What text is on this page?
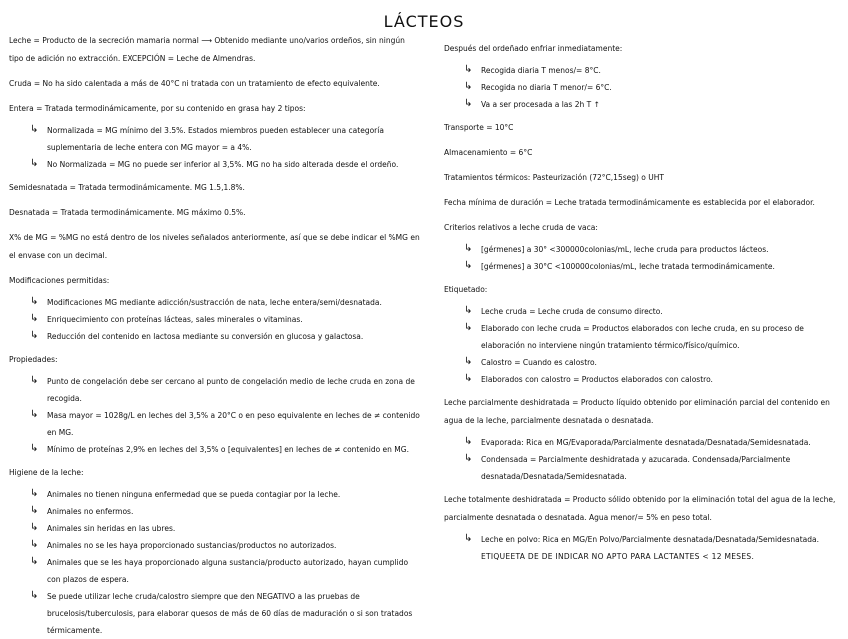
LÁCTEOS
Leche = Producto de la secreción mamaria normal ⟶ Obtenido mediante uno/varios ordeños, sin ningún tipo de adición no extracción. EXCEPCIÓN = Leche de Almendras.
Cruda = No ha sido calentada a más de 40°C ni tratada con un tratamiento de efecto equivalente.
Entera = Tratada termodinámicamente, por su contenido en grasa hay 2 tipos:
↳ Normalizada = MG mínimo del 3.5%. Estados miembros pueden establecer una categoría suplementaria de leche entera con MG mayor = a 4%.
↳ No Normalizada = MG no puede ser inferior al 3,5%. MG no ha sido alterada desde el ordeño.
Semidesnatada = Tratada termodinámicamente. MG 1.5,1.8%.
Desnatada = Tratada termodinámicamente. MG máximo 0.5%.
X% de MG = %MG no está dentro de los niveles señalados anteriormente, así que se debe indicar el %MG en el envase con un decimal.
Modificaciones permitidas:
↳ Modificaciones MG mediante adicción/sustracción de nata, leche entera/semi/desnatada.
↳ Enriquecimiento con proteínas lácteas, sales minerales o vitaminas.
↳ Reducción del contenido en lactosa mediante su conversión en glucosa y galactosa.
Propiedades:
↳ Punto de congelación debe ser cercano al punto de congelación medio de leche cruda en zona de recogida.
↳ Masa mayor = 1028g/L en leches del 3,5% a 20°C o en peso equivalente en leches de ≠ contenido en MG.
↳ Mínimo de proteínas 2,9% en leches del 3,5% o [equivalentes] en leches de ≠ contenido en MG.
Higiene de la leche:
↳ Animales no tienen ninguna enfermedad que se pueda contagiar por la leche.
↳ Animales no enfermos.
↳ Animales sin heridas en las ubres.
↳ Animales no se les haya proporcionado sustancias/productos no autorizados.
↳ Animales que se les haya proporcionado alguna sustancia/producto autorizado, hayan cumplido con plazos de espera.
↳ Se puede utilizar leche cruda/calostro siempre que den NEGATIVO a las pruebas de brucelosis/tuberculosis, para elaborar quesos de más de 60 días de maduración o si son tratados térmicamente.
Después del ordeñado enfriar inmediatamente:
↳ Recogida diaria T menos/= 8°C.
↳ Recogida no diaria T menor/= 6°C.
↳ Va a ser procesada a las 2h T ↑
Transporte = 10°C
Almacenamiento = 6°C
Tratamientos térmicos: Pasteurización (72°C,15seg) o UHT
Fecha mínima de duración = Leche tratada termodinámicamente es establecida por el elaborador.
Criterios relativos a leche cruda de vaca:
↳ [gérmenes] a 30° <300000colonias/mL, leche cruda para productos lácteos.
↳ [gérmenes] a 30°C <100000colonias/mL, leche tratada termodinámicamente.
Etiquetado:
↳ Leche cruda = Leche cruda de consumo directo.
↳ Elaborado con leche cruda = Productos elaborados con leche cruda, en su proceso de elaboración no interviene ningún tratamiento térmico/físico/químico.
↳ Calostro = Cuando es calostro.
↳ Elaborados con calostro = Productos elaborados con calostro.
Leche parcialmente deshidratada = Producto líquido obtenido por eliminación parcial del contenido en agua de la leche, parcialmente desnatada o desnatada.
↳ Evaporada: Rica en MG/Evaporada/Parcialmente desnatada/Desnatada/Semidesnatada.
↳ Condensada = Parcialmente deshidratada y azucarada. Condensada/Parcialmente desnatada/Desnatada/Semidesnatada.
Leche totalmente deshidratada = Producto sólido obtenido por la eliminación total del agua de la leche, parcialmente desnatada o desnatada. Agua menor/= 5% en peso total.
↳ Leche en polvo: Rica en MG/En Polvo/Parcialmente desnatada/Desnatada/Semidesnatada.
ETIQUEETA DE DE INDICAR NO APTO PARA LACTANTES < 12 MESES.
